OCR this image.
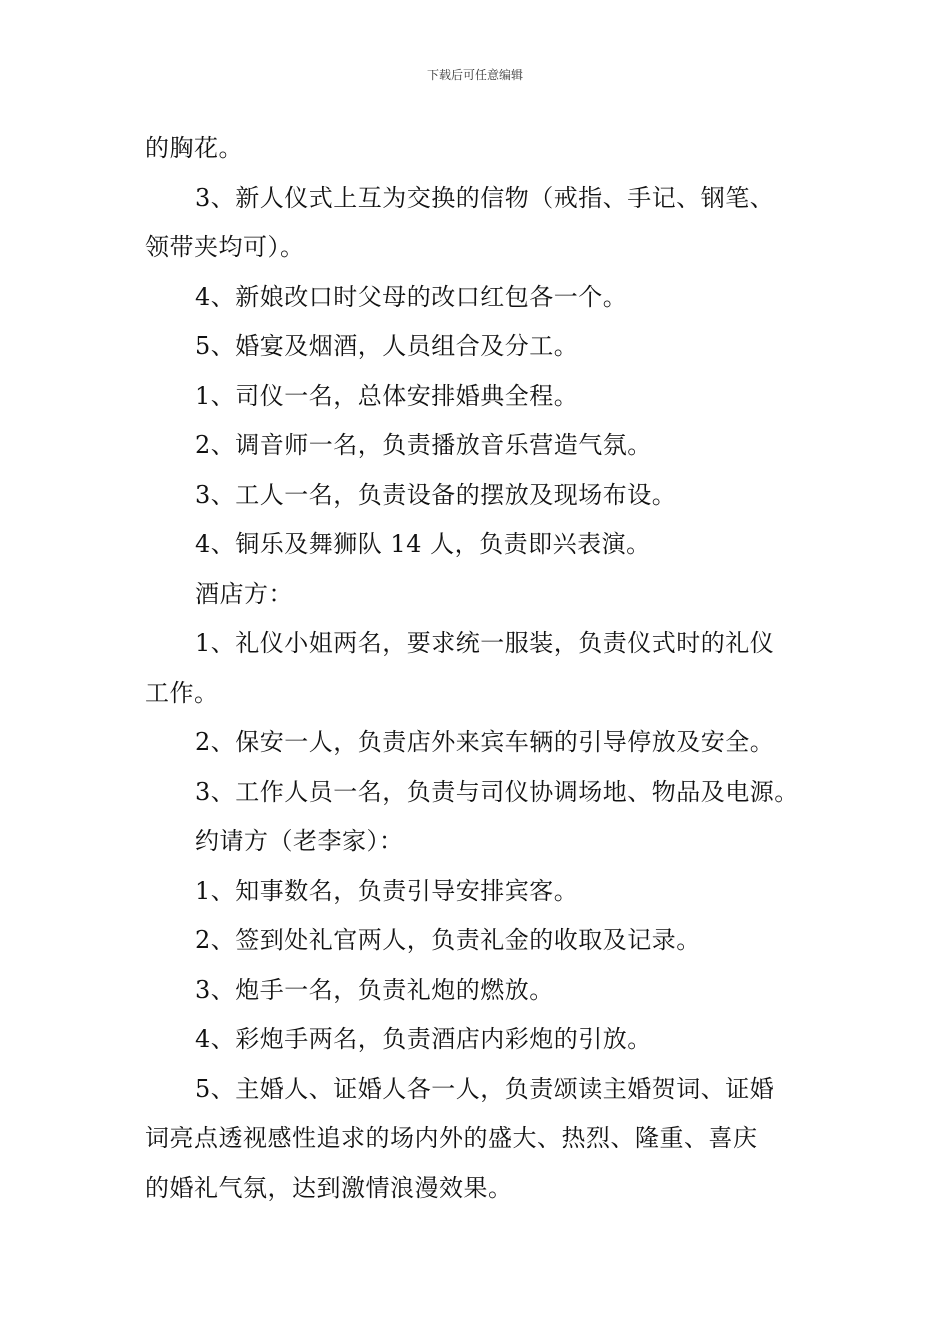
下载后可任意编辑
的胸花。
3、新人仪式上互为交换的信物（戒指、手记、钢笔、
领带夹均可）。
4、新娘改口时父母的改口红包各一个。
5、婚宴及烟酒，人员组合及分工。
1、司仪一名，总体安排婚典全程。
2、调音师一名，负责播放音乐营造气氛。
3、工人一名，负责设备的摆放及现场布设。
4、铜乐及舞狮队 14 人，负责即兴表演。
酒店方：
1、礼仪小姐两名，要求统一服装，负责仪式时的礼仪
工作。
2、保安一人，负责店外来宾车辆的引导停放及安全。
3、工作人员一名，负责与司仪协调场地、物品及电源。
约请方（老李家）：
1、知事数名，负责引导安排宾客。
2、签到处礼官两人，负责礼金的收取及记录。
3、炮手一名，负责礼炮的燃放。
4、彩炮手两名，负责酒店内彩炮的引放。
5、主婚人、证婚人各一人，负责颂读主婚贺词、证婚
词亮点透视感性追求的场内外的盛大、热烈、隆重、喜庆
的婚礼气氛，达到激情浪漫效果。
